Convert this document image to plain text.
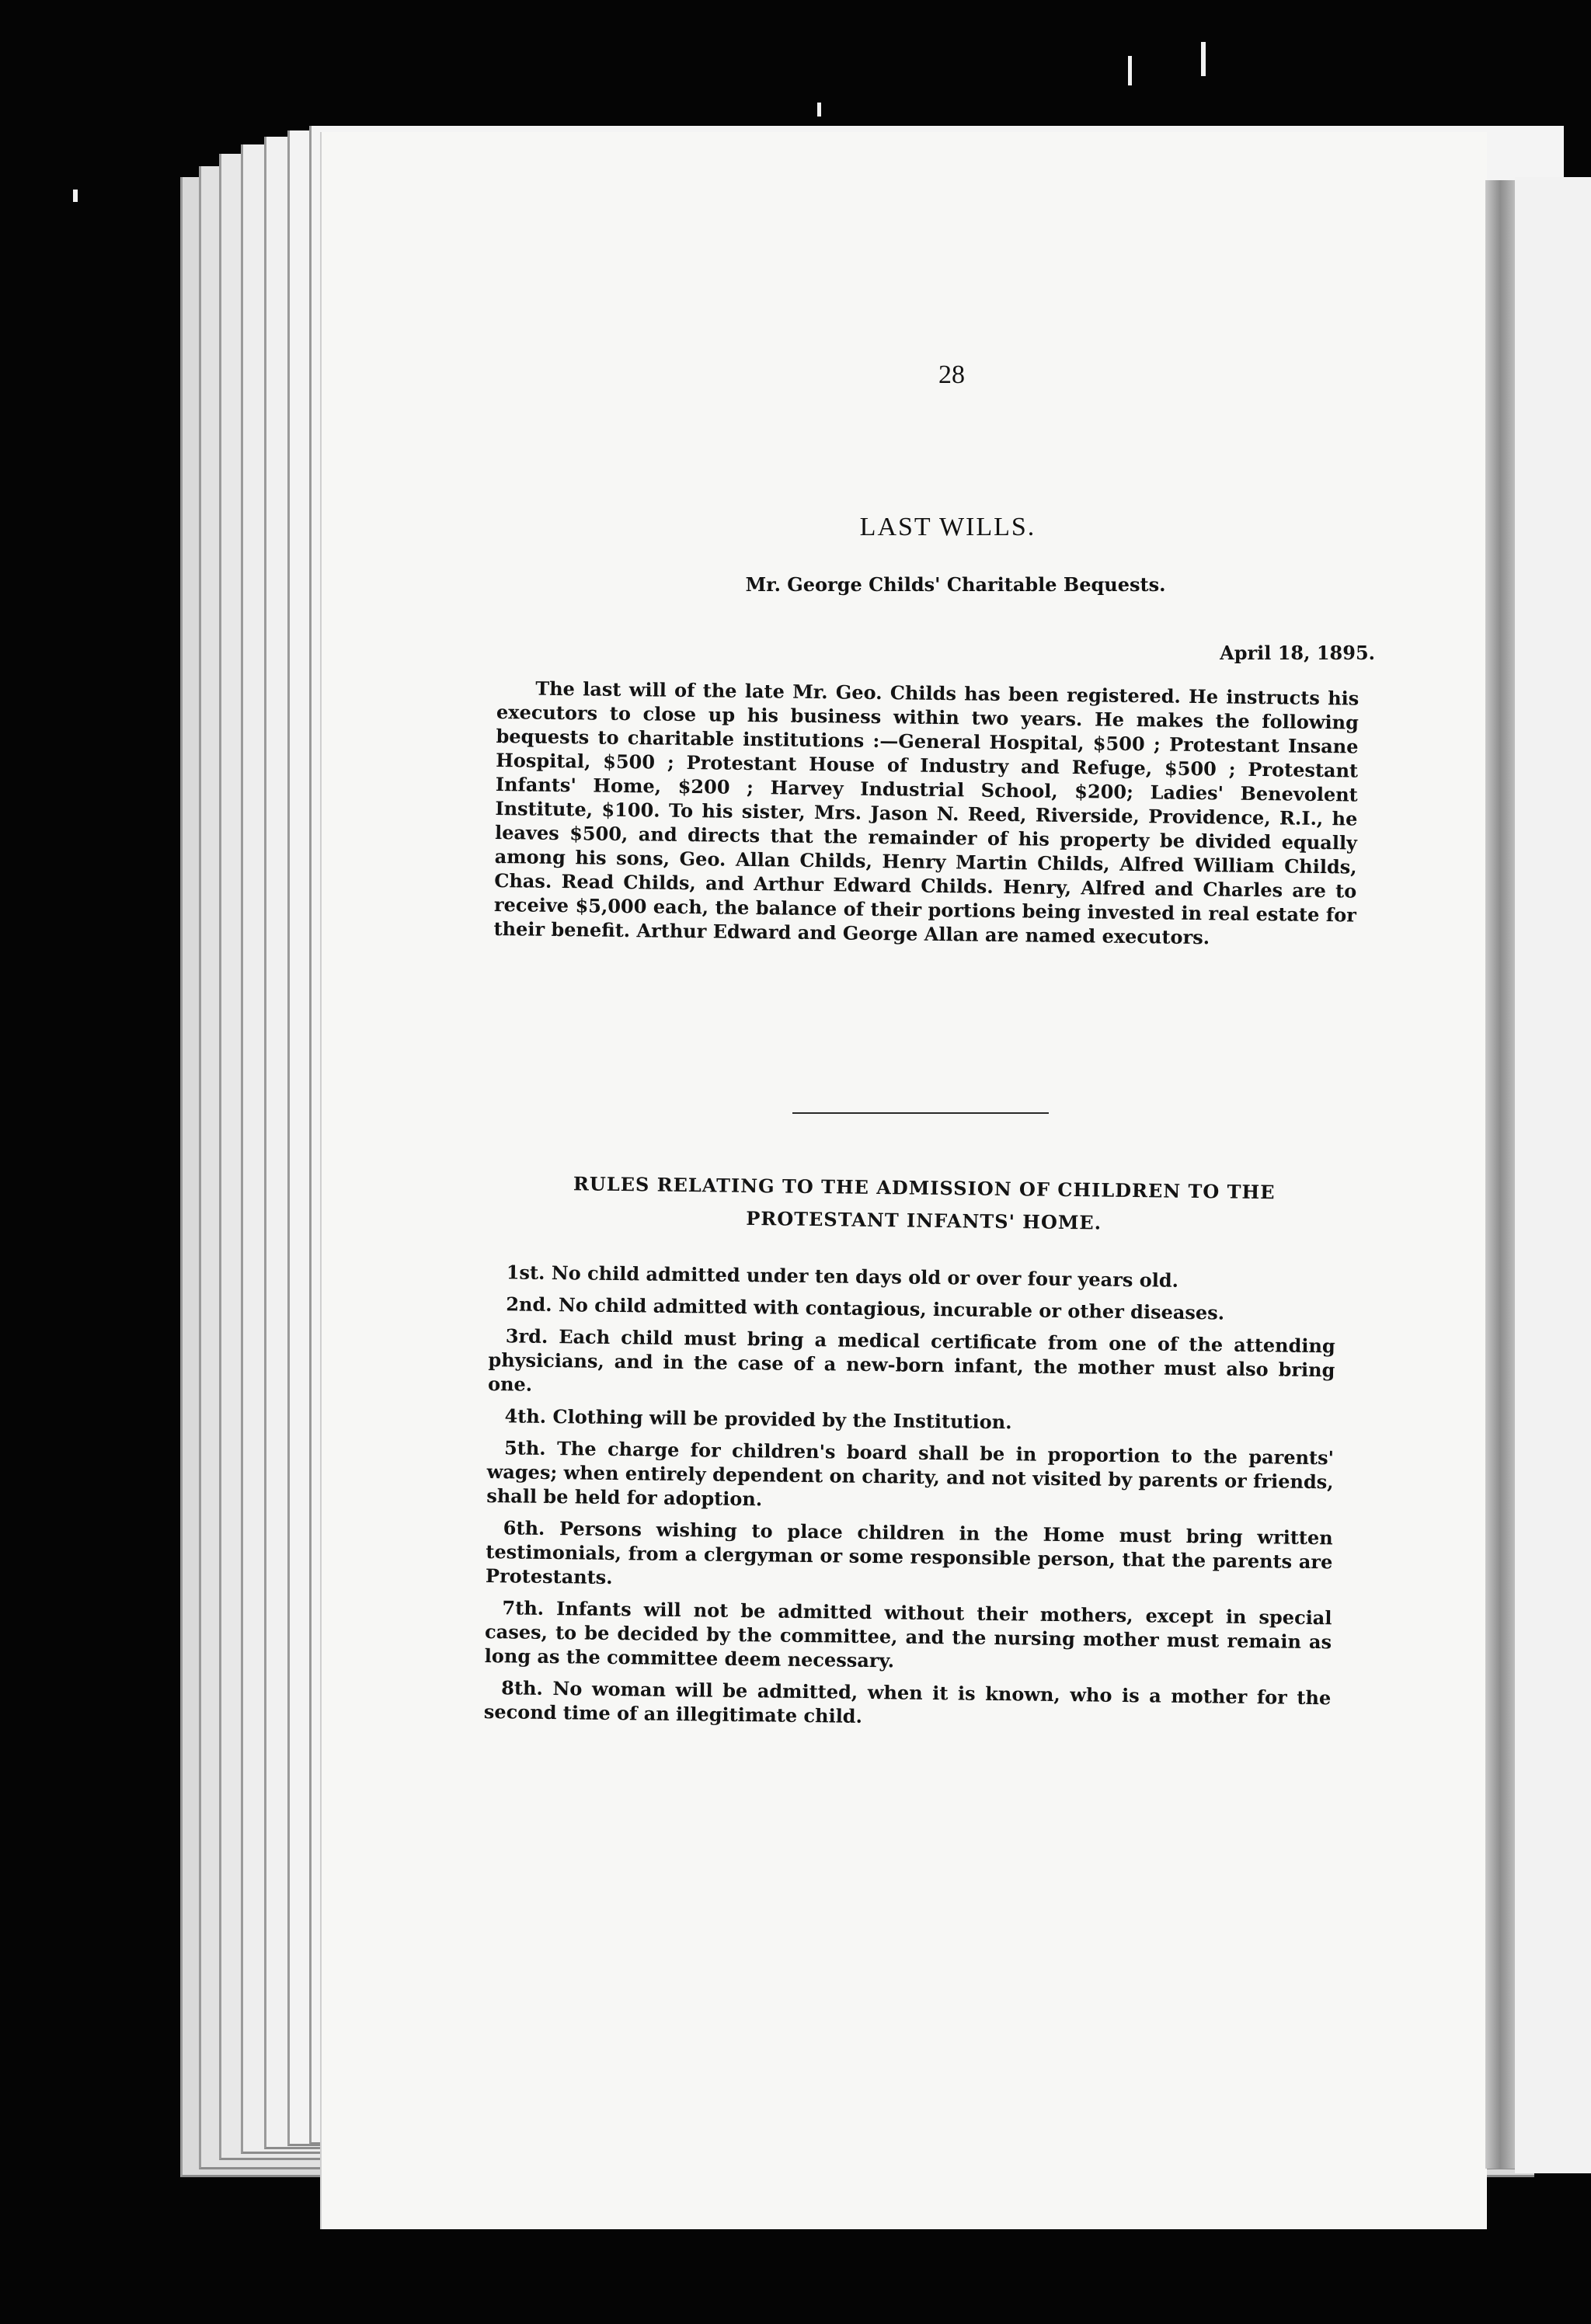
28
LAST WILLS.
Mr. George Childs' Charitable Bequests.
April 18, 1895.

The last will of the late Mr. Geo. Childs has been registered. He instructs his executors to close up his business within two years. He makes the following bequests to charitable institutions :—General Hospital, $500 ; Protestant Insane Hospital, $500 ; Protestant House of Industry and Refuge, $500 ; Protestant Infants' Home, $200 ; Harvey Industrial School, $200; Ladies' Benevolent Institute, $100. To his sister, Mrs. Jason N. Reed, Riverside, Providence, R.I., he leaves $500, and directs that the remainder of his property be divided equally among his sons, Geo. Allan Childs, Henry Martin Childs, Alfred William Childs, Chas. Read Childs, and Arthur Edward Childs. Henry, Alfred and Charles are to receive $5,000 each, the balance of their portions being invested in real estate for their benefit. Arthur Edward and George Allan are named executors.

RULES RELATING TO THE ADMISSION OF CHILDREN TO THE
PROTESTANT INFANTS' HOME.

1st. No child admitted under ten days old or over four years old.

2nd. No child admitted with contagious, incurable or other diseases.

3rd. Each child must bring a medical certificate from one of the attending physicians, and in the case of a new-born infant, the mother must also bring one.

4th. Clothing will be provided by the Institution.

5th. The charge for children's board shall be in proportion to the parents' wages; when entirely dependent on charity, and not visited by parents or friends, shall be held for adoption.

6th. Persons wishing to place children in the Home must bring written testimonials, from a clergyman or some responsible person, that the parents are Protestants.

7th. Infants will not be admitted without their mothers, except in special cases, to be decided by the committee, and the nursing mother must remain as long as the committee deem necessary.

8th. No woman will be admitted, when it is known, who is a mother for the second time of an illegitimate child.
